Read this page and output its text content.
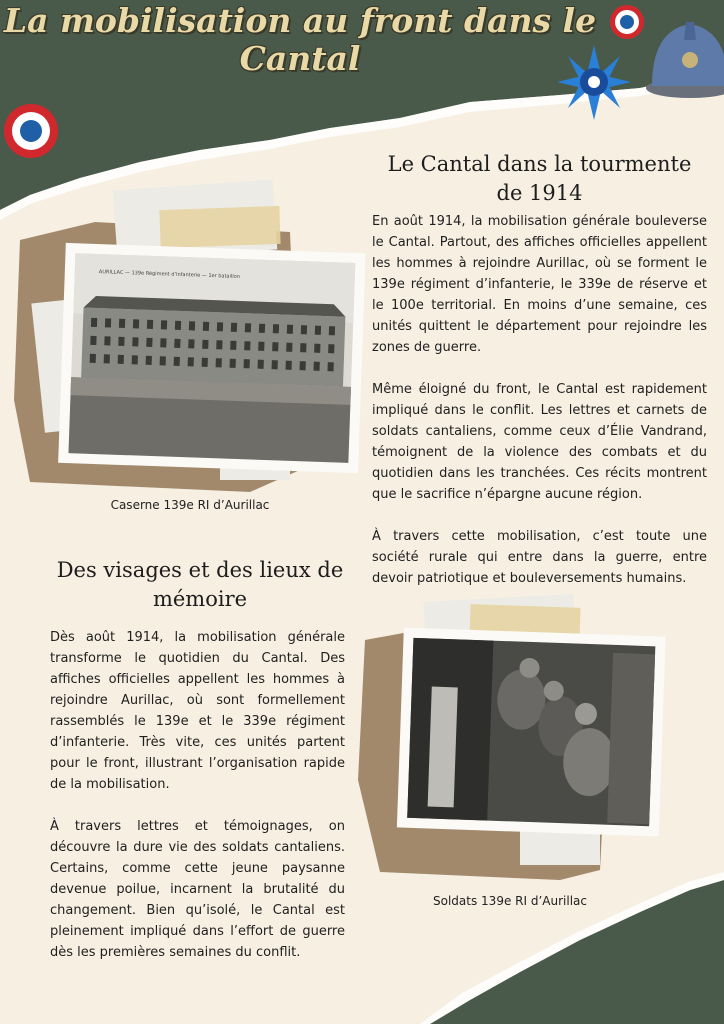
AURILLAC — 139e Régiment d’Infanterie — 1er bataillon
La mobilisation au front dans le
Cantal
Le Cantal dans la tourmente de 1914

En août 1914, la mobilisation générale bouleverse le Cantal. Partout, des affiches officielles appellent les hommes à rejoindre Aurillac, où se forment le 139e régiment d’infanterie, le 339e de réserve et le 100e territorial. En moins d’une semaine, ces unités quittent le département pour rejoindre les zones de guerre.

Même éloigné du front, le Cantal est rapidement impliqué dans le conflit. Les lettres et carnets de soldats cantaliens, comme ceux d’Élie Vandrand, témoignent de la violence des combats et du quotidien dans les tranchées. Ces récits montrent que le sacrifice n’épargne aucune région.

À travers cette mobilisation, c’est toute une société rurale qui entre dans la guerre, entre devoir patriotique et bouleversements humains.

Caserne 139e RI d’Aurillac
Des visages et des lieux de mémoire

Dès août 1914, la mobilisation générale transforme le quotidien du Cantal. Des affiches officielles appellent les hommes à rejoindre Aurillac, où sont formellement rassemblés le 139e et le 339e régiment d’infanterie. Très vite, ces unités partent pour le front, illustrant l’organisation rapide de la mobilisation.

À travers lettres et témoignages, on découvre la dure vie des soldats cantaliens. Certains, comme cette jeune paysanne devenue poilue, incarnent la brutalité du changement. Bien qu’isolé, le Cantal est pleinement impliqué dans l’effort de guerre dès les premières semaines du conflit.

Soldats 139e RI d’Aurillac
